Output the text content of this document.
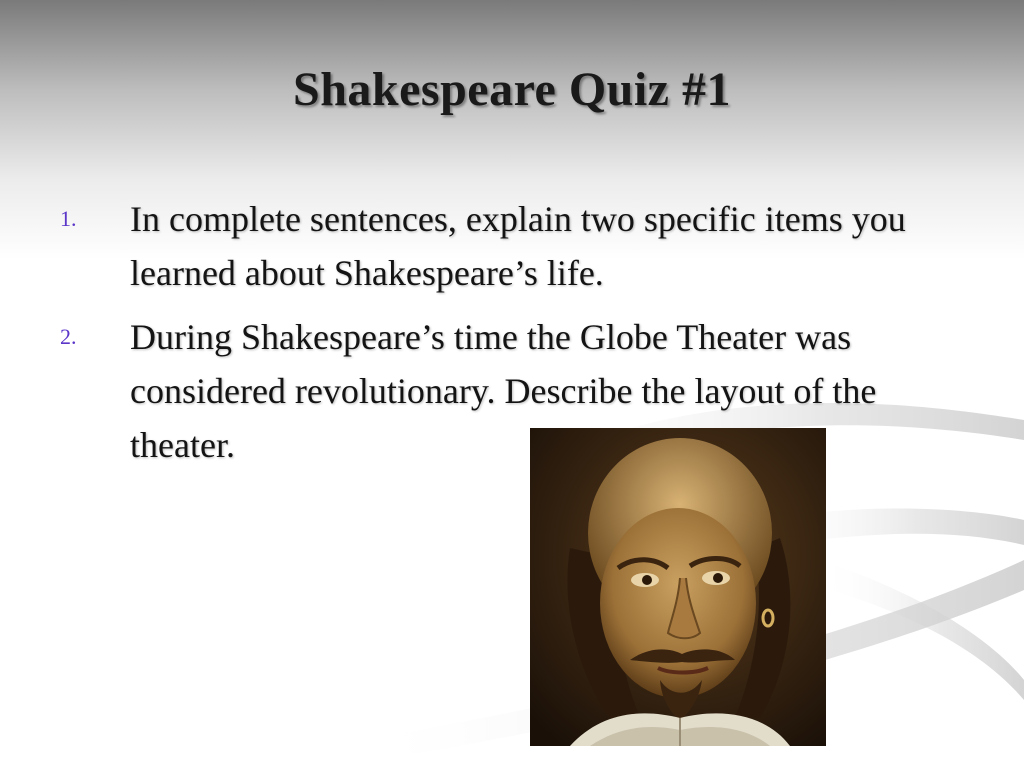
Shakespeare Quiz #1
1. In complete sentences, explain two specific items you learned about Shakespeare’s life.
2. During Shakespeare’s time the Globe Theater was considered revolutionary. Describe the layout of the theater.
